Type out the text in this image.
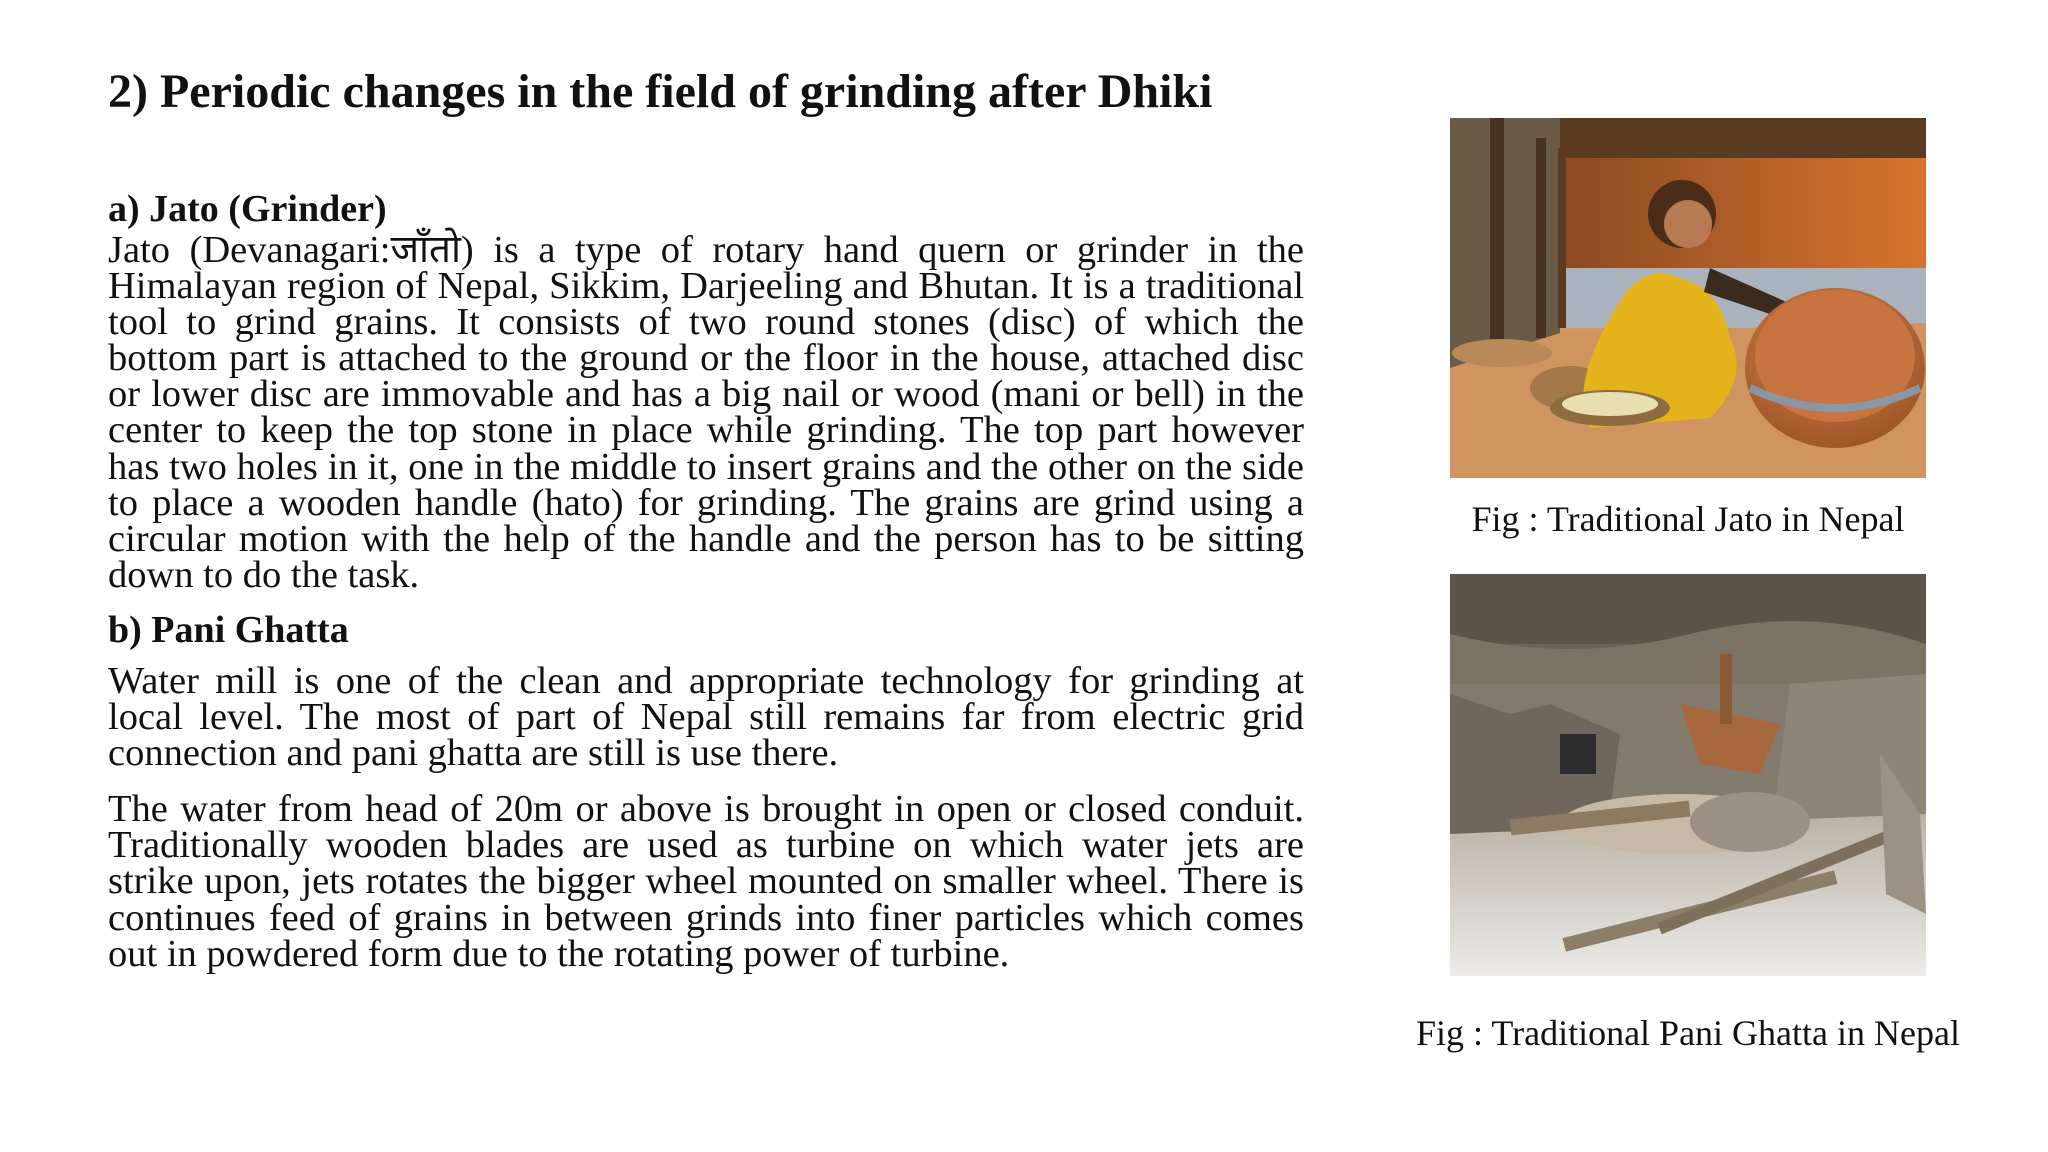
2) Periodic changes in the field of grinding after Dhiki

a) Jato (Grinder)

Jato (Devanagari:जाँतो) is a type of rotary hand quern or grinder in the Himalayan region of Nepal, Sikkim, Darjeeling and Bhutan. It is a traditional tool to grind grains. It consists of two round stones (disc) of which the bottom part is attached to the ground or the floor in the house, attached disc or lower disc are immovable and has a big nail or wood (mani or bell) in the center to keep the top stone in place while grinding. The top part however has two holes in it, one in the middle to insert grains and the other on the side to place a wooden handle (hato) for grinding. The grains are grind using a circular motion with the help of the handle and the person has to be sitting down to do the task.

b) Pani Ghatta

Water mill is one of the clean and appropriate technology for grinding at local level. The most of part of Nepal still remains far from electric grid connection and pani ghatta are still is use there.

The water from head of 20m or above is brought in open or closed conduit. Traditionally wooden blades are used as turbine on which water jets are strike upon, jets rotates the bigger wheel mounted on smaller wheel. There is continues feed of grains in between grinds into finer particles which comes out in powdered form due to the rotating power of turbine.

Fig : Traditional Jato in Nepal
Fig : Traditional Pani Ghatta in Nepal
